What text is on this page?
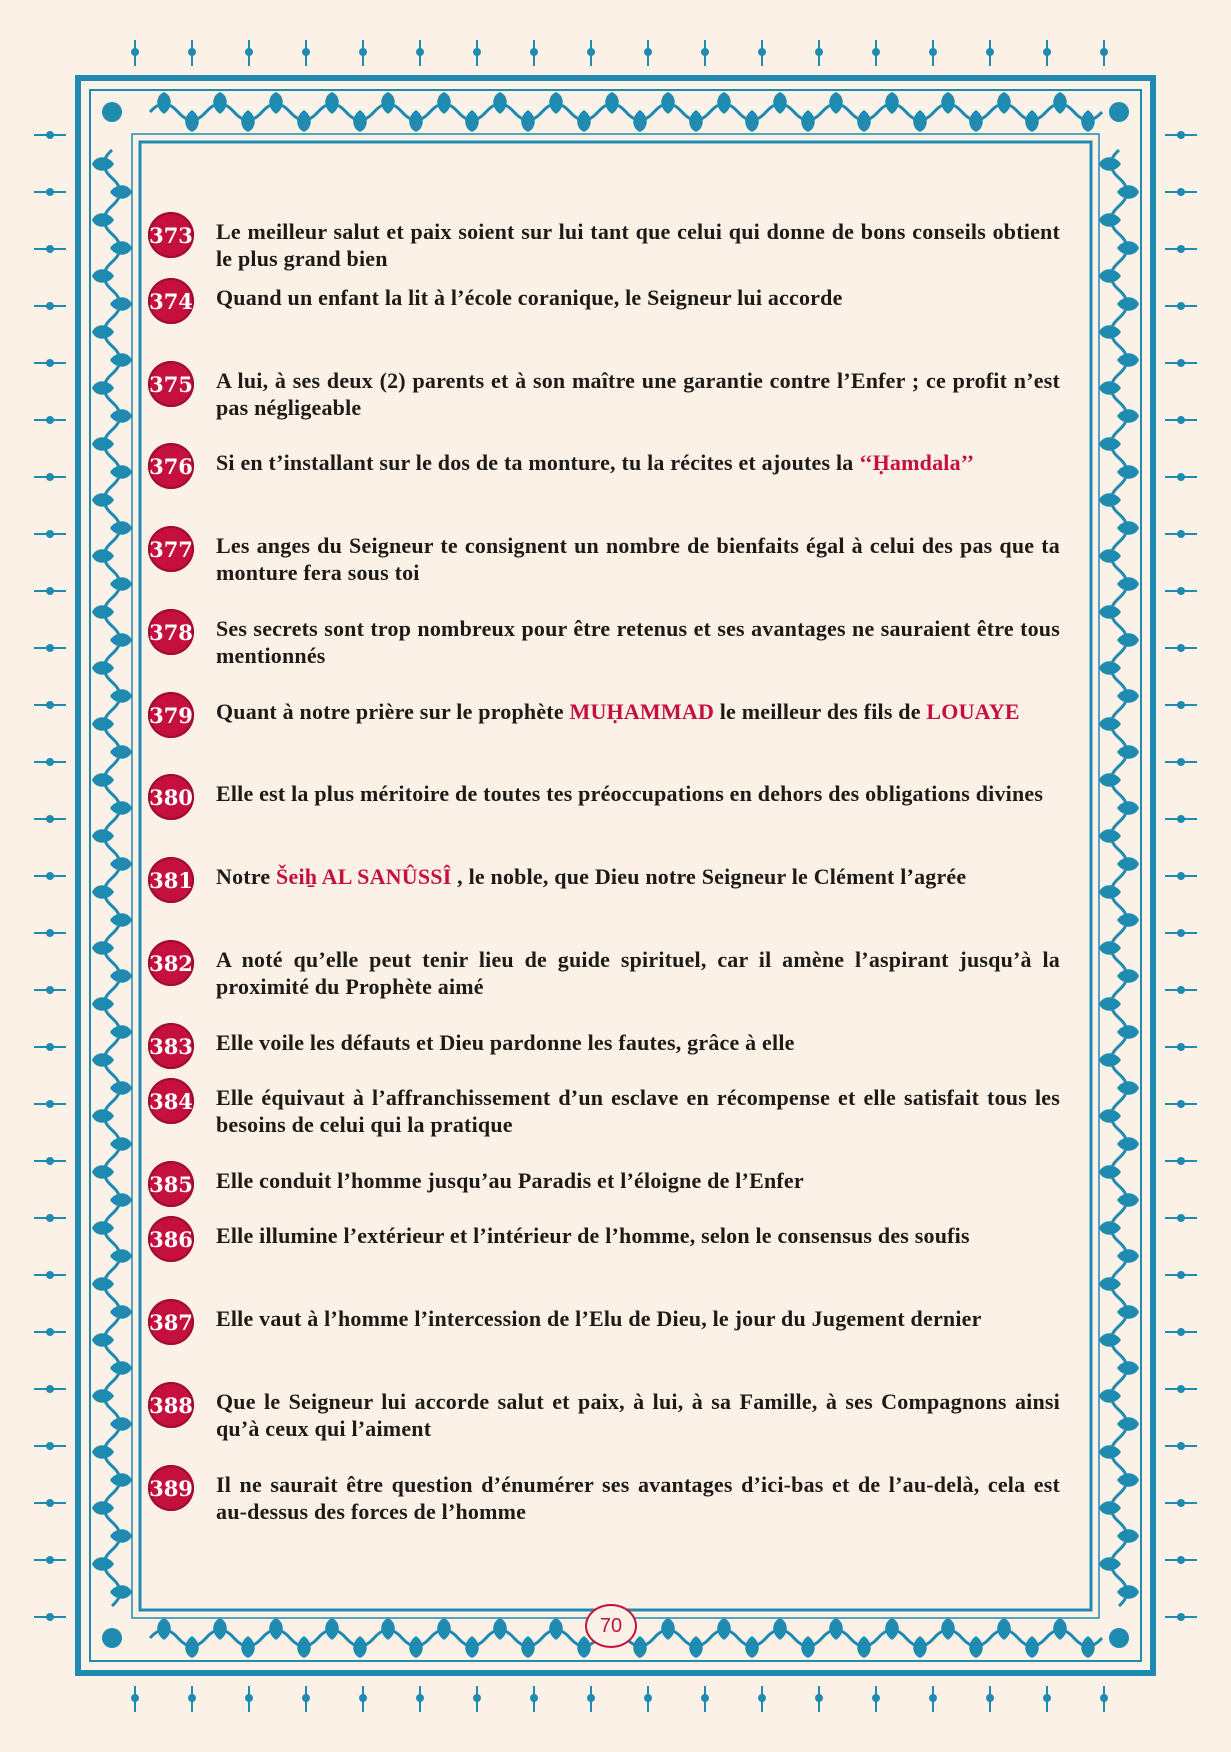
373 Le meilleur salut et paix soient sur lui tant que celui qui donne de bons conseils obtient le plus grand bien
374 Quand un enfant la lit à l’école coranique, le Seigneur lui accorde
375 A lui, à ses deux (2) parents et à son maître une garantie contre l’Enfer ; ce profit n’est pas négligeable
376 Si en t’installant sur le dos de ta monture, tu la récites et ajoutes la ‘‘Ḥamdala’’
377 Les anges du Seigneur te consignent un nombre de bienfaits égal à celui des pas que ta monture fera sous toi
378 Ses secrets sont trop nombreux pour être retenus et ses avantages ne sauraient être tous mentionnés
379 Quant à notre prière sur le prophète MUḤAMMAD le meilleur des fils de LOUAYE
380 Elle est la plus méritoire de toutes tes préoccupations en dehors des obligations divines
381 Notre Šeiẖ AL SANÛSSÎ , le noble, que Dieu notre Seigneur le Clément l’agrée
382 A noté qu’elle peut tenir lieu de guide spirituel, car il amène l’aspirant jusqu’à la proximité du Prophète aimé
383 Elle voile les défauts et Dieu pardonne les fautes, grâce à elle
384 Elle équivaut à l’affranchissement d’un esclave en récompense et elle satisfait tous les besoins de celui qui la pratique
385 Elle conduit l’homme jusqu’au Paradis et l’éloigne de l’Enfer
386 Elle illumine l’extérieur et l’intérieur de l’homme, selon le consensus des soufis
387 Elle vaut à l’homme l’intercession de l’Elu de Dieu, le jour du Jugement dernier
388 Que le Seigneur lui accorde salut et paix, à lui, à sa Famille, à ses Compagnons ainsi qu’à ceux qui l’aiment
389 Il ne saurait être question d’énumérer ses avantages d’ici-bas et de l’au-delà, cela est au-dessus des forces de l’homme
70
